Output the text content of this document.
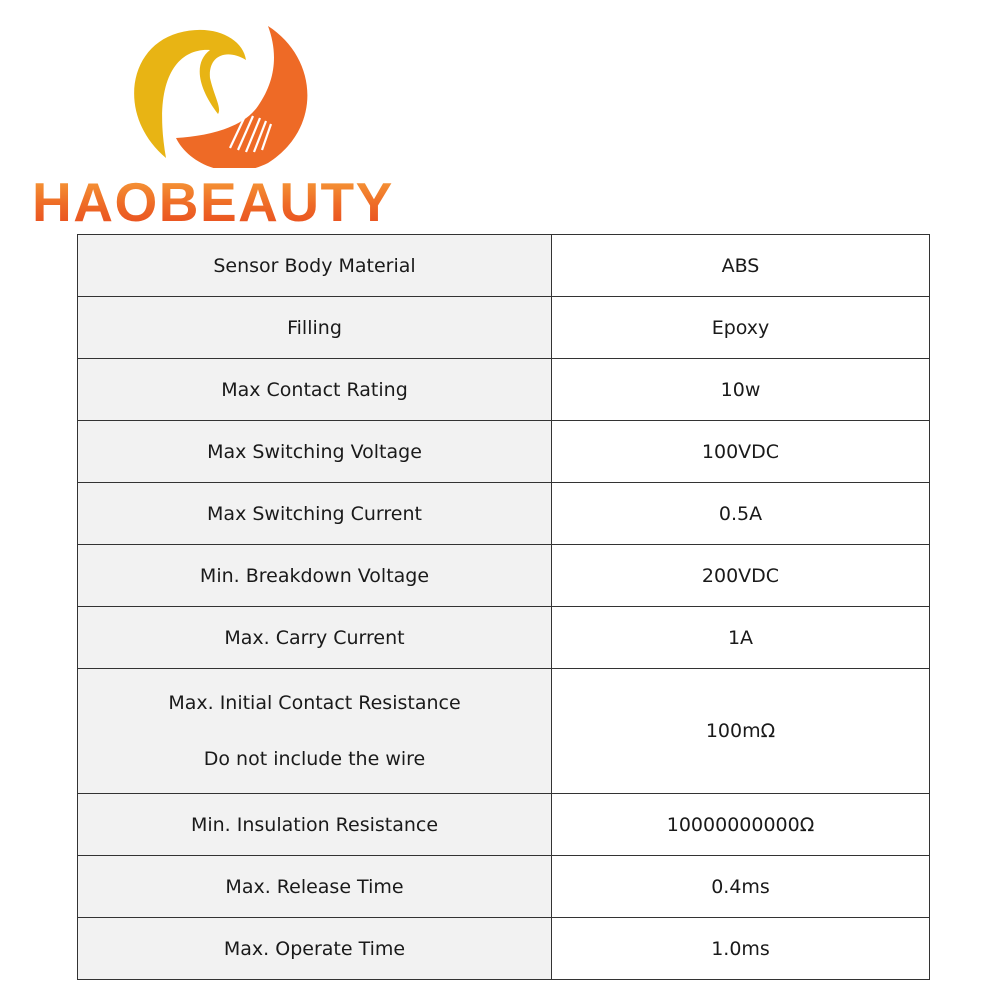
HAOBEAUTY
Sensor Body Material	ABS
Filling	Epoxy
Max Contact Rating	10w
Max Switching Voltage	100VDC
Max Switching Current	0.5A
Min. Breakdown Voltage	200VDC
Max. Carry Current	1A
Max. Initial Contact Resistance
Do not include the wire	100mΩ
Min. Insulation Resistance	10000000000Ω
Max. Release Time	0.4ms
Max. Operate Time	1.0ms
